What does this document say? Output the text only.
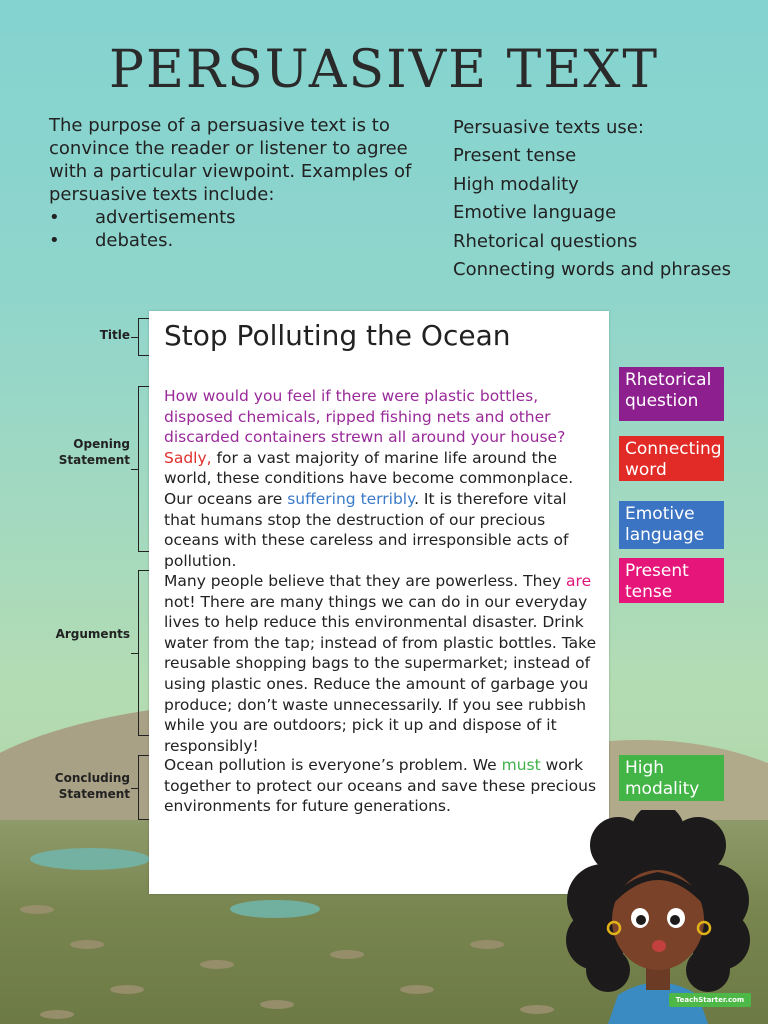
PERSUASIVE TEXT
The purpose of a persuasive text is to convince the reader or listener to agree with a particular viewpoint. Examples of persuasive texts include:
• advertisements
• debates.
Persuasive texts use:
Present tense
High modality
Emotive language
Rhetorical questions
Connecting words and phrases
Title
Opening Statement
Arguments
Concluding Statement
Stop Polluting the Ocean

How would you feel if there were plastic bottles, disposed chemicals, ripped fishing nets and other discarded containers strewn all around your house? Sadly, for a vast majority of marine life around the world, these conditions have become commonplace. Our oceans are suffering terribly. It is therefore vital that humans stop the destruction of our precious oceans with these careless and irresponsible acts of pollution.

Many people believe that they are powerless. They are not! There are many things we can do in our everyday lives to help reduce this environmental disaster. Drink water from the tap; instead of from plastic bottles. Take reusable shopping bags to the supermarket; instead of using plastic ones. Reduce the amount of garbage you produce; don’t waste unnecessarily. If you see rubbish while you are outdoors; pick it up and dispose of it responsibly!

Ocean pollution is everyone’s problem. We must work together to protect our oceans and save these precious environments for future generations.

Rhetorical question
Connecting word
Emotive language
Present tense
High modality
TeachStarter.com
